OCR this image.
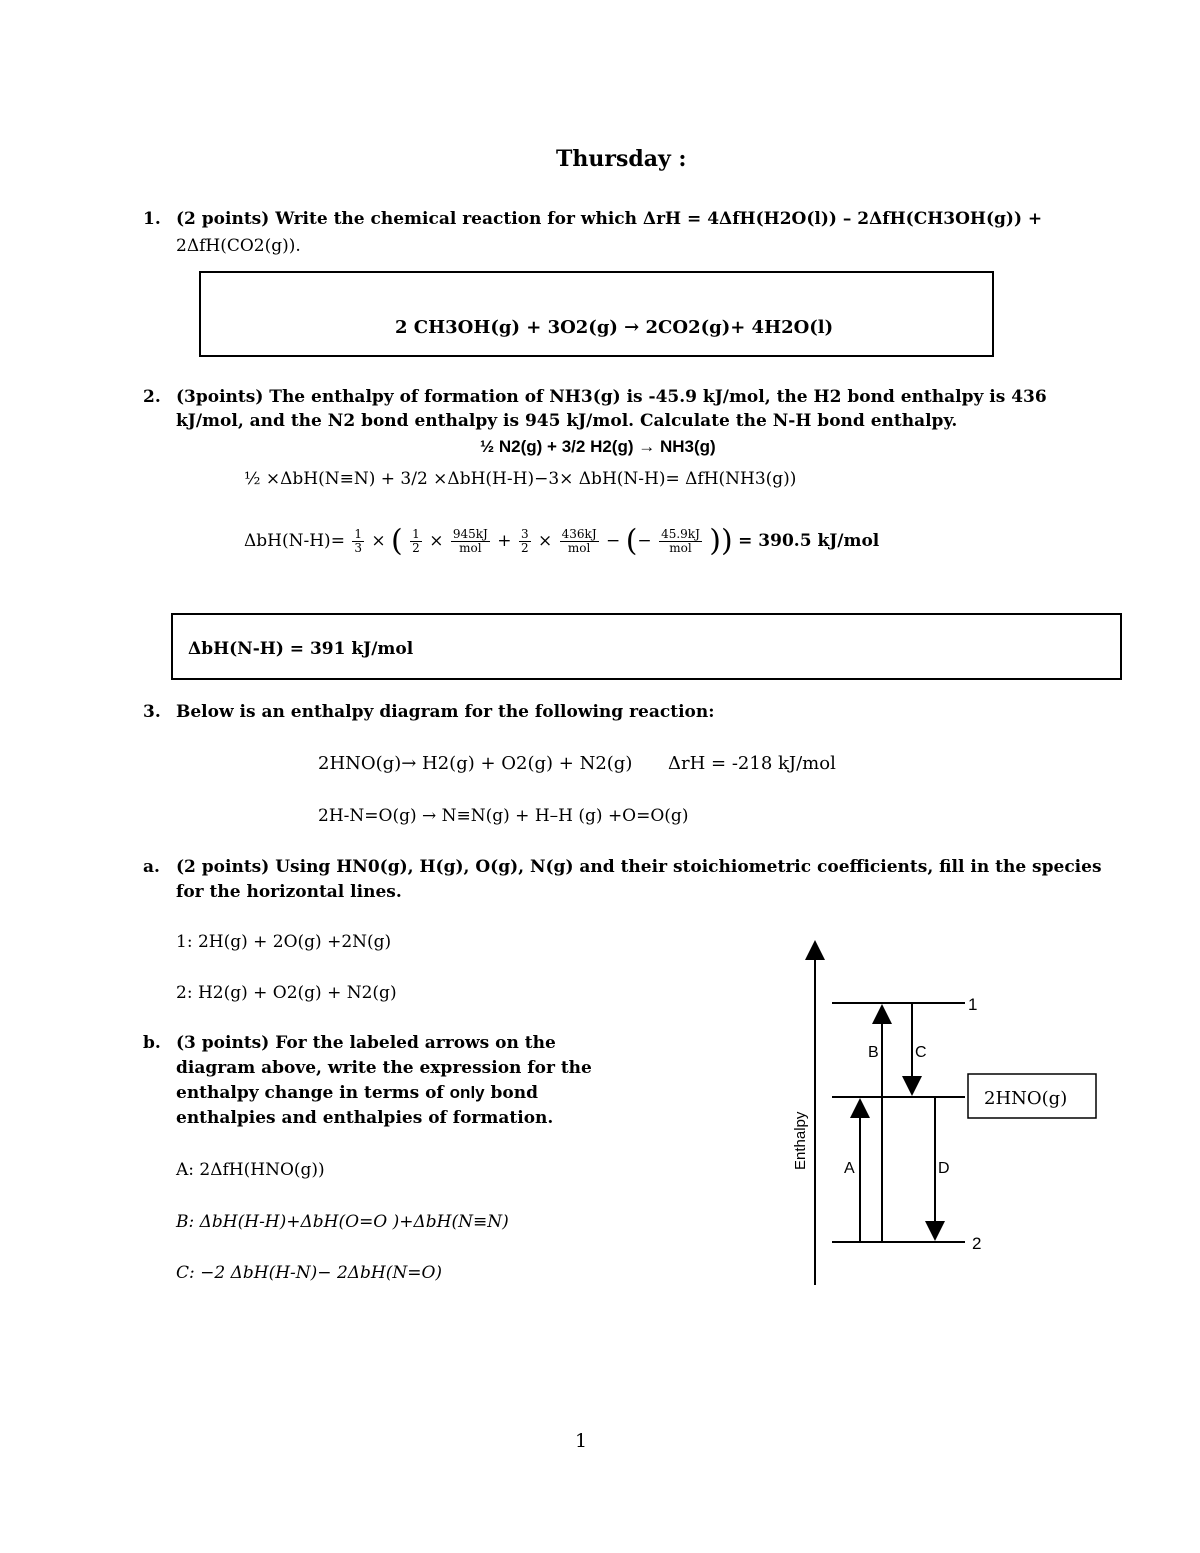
Thursday :
1. (2 points) Write the chemical reaction for which ΔrH = 4ΔfH(H2O(l)) – 2ΔfH(CH3OH(g)) +
2ΔfH(CO2(g)).
2 CH3OH(g) + 3O2(g) → 2CO2(g)+ 4H2O(l)
2. (3points) The enthalpy of formation of NH3(g) is -45.9 kJ/mol, the H2 bond enthalpy is 436
kJ/mol, and the N2 bond enthalpy is 945 kJ/mol. Calculate the N-H bond enthalpy.
½ N2(g) + 3/2 H2(g) → NH3(g)
½ ×ΔbH(N≡N) + 3/2 ×ΔbH(H-H)−3× ΔbH(N-H)= ΔfH(NH3(g))
$\Delta bH(N-H)= \frac{1}{3}$ × ( $\frac{1}{2} \times \frac{945kJ}{\text{mol}} + \frac{3}{2} \times \frac{436kJ}{\text{mol}}$ − (− $\frac{45.9kJ}{\text{mol}}$ )) = 390.5 kJ/mol
ΔbH(N-H) = 391 kJ/mol
3. Below is an enthalpy diagram for the following reaction:
2HNO(g)→ H2(g) + O2(g) + N2(g) ΔrH = -218 kJ/mol
2H-N=O(g) → N≡N(g) + H–H (g) +O=O(g)
a. (2 points) Using HN0(g), H(g), O(g), N(g) and their stoichiometric coefficients, fill in the species
for the horizontal lines.
1: 2H(g) + 2O(g) +2N(g)
2: H2(g) + O2(g) + N2(g)
b. (3 points) For the labeled arrows on the
diagram above, write the expression for the
enthalpy change in terms of only bond
enthalpies and enthalpies of formation.
A: 2ΔfH(HNO(g))
B: ΔbH(H-H)+ΔbH(O=O )+ΔbH(N≡N)
C: −2 ΔbH(H-N)− 2ΔbH(N=O)
1
2
A
B C
D
Enthalpy
2HNO(g)
1
